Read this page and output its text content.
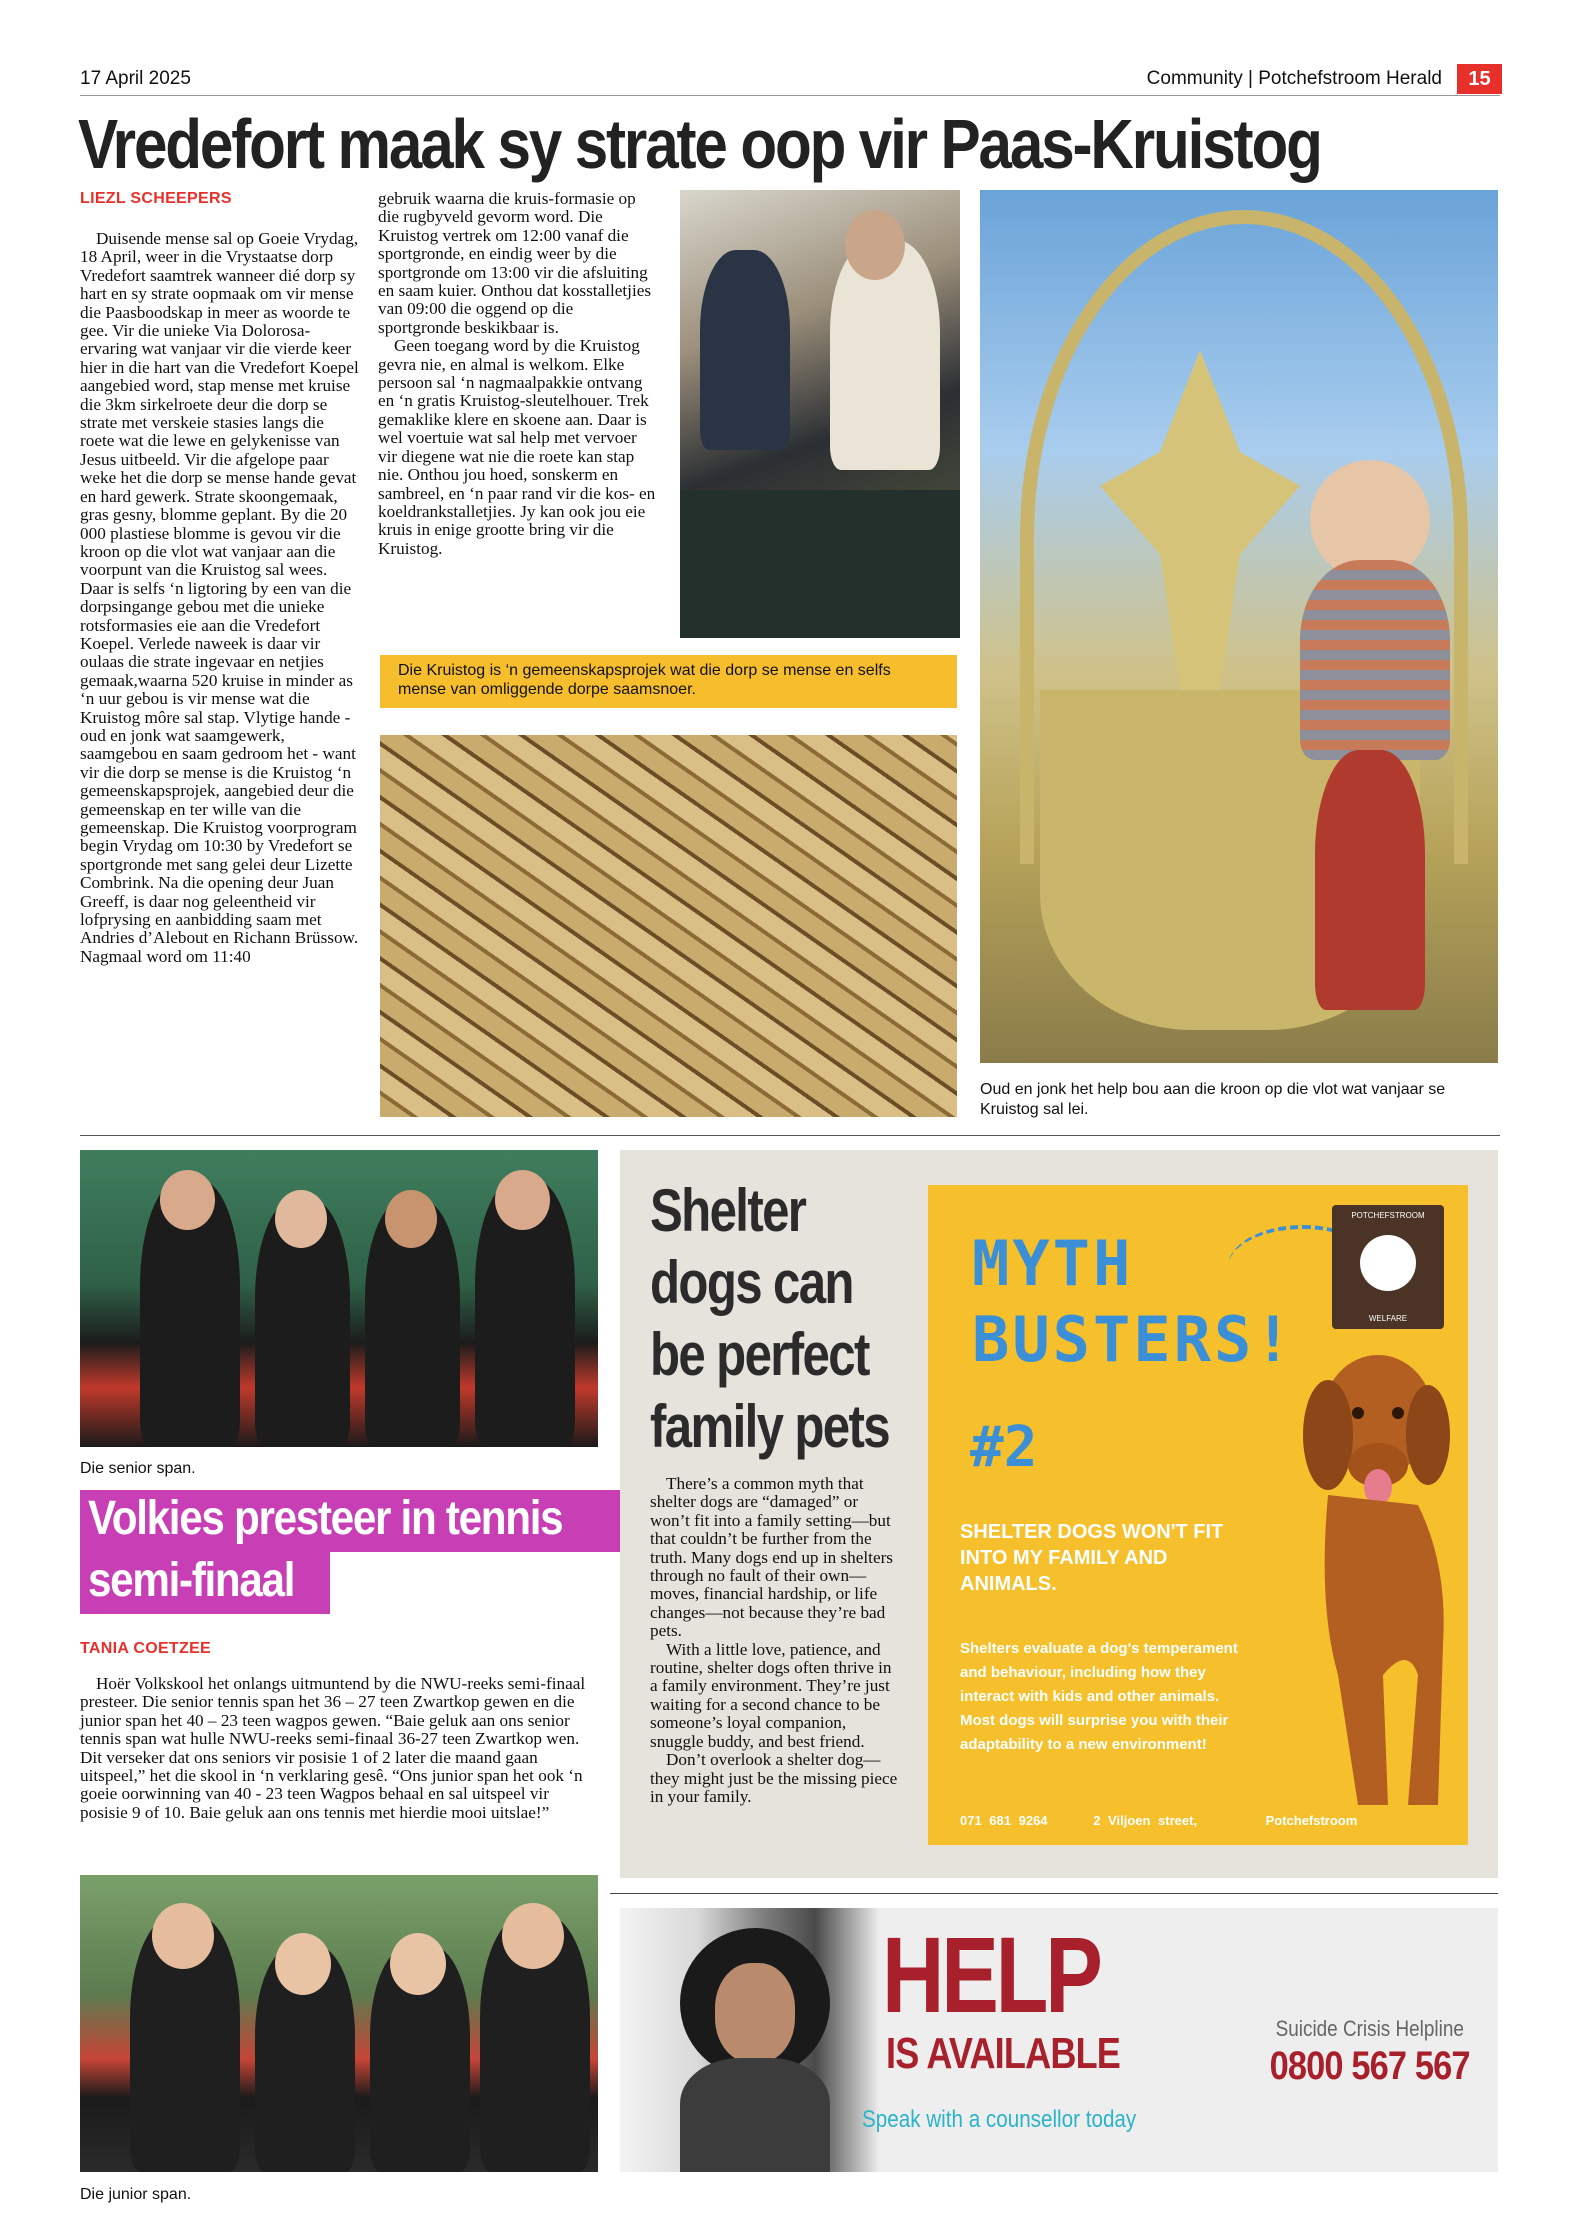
17 April 2025	Community | Potchefstroom Herald	15
Vredefort maak sy strate oop vir Paas-Kruistog
LIEZL SCHEEPERS

Duisende mense sal op Goeie Vrydag, 18 April, weer in die Vrystaatse dorp Vredefort saamtrek wanneer dié dorp sy hart en sy strate oopmaak om vir mense die Paasboodskap in meer as woorde te gee. Vir die unieke Via Dolorosa-ervaring wat vanjaar vir die vierde keer hier in die hart van die Vredefort Koepel aangebied word, stap mense met kruise die 3km sirkelroete deur die dorp se strate met verskeie stasies langs die roete wat die lewe en gelykenisse van Jesus uitbeeld. Vir die afgelope paar weke het die dorp se mense hande gevat en hard gewerk. Strate skoongemaak, gras gesny, blomme geplant. By die 20 000 plastiese blomme is gevou vir die kroon op die vlot wat vanjaar aan die voorpunt van die Kruistog sal wees. Daar is selfs ‘n ligtoring by een van die dorpsingange gebou met die unieke rotsformasies eie aan die Vredefort Koepel. Verlede naweek is daar vir oulaas die strate ingevaar en netjies gemaak,waarna 520 kruise in minder as ‘n uur gebou is vir mense wat die Kruistog môre sal stap. Vlytige hande - oud en jonk wat saamgewerk, saamgebou en saam gedroom het - want vir die dorp se mense is die Kruistog ‘n gemeenskapsprojek, aangebied deur die gemeenskap en ter wille van die gemeenskap. Die Kruistog voorprogram begin Vrydag om 10:30 by Vredefort se sportgronde met sang gelei deur Lizette Combrink. Na die opening deur Juan Greeff, is daar nog geleentheid vir lofprysing en aanbidding saam met Andries d’Alebout en Richann Brüssow. Nagmaal word om 11:40

gebruik waarna die kruis-formasie op die rugbyveld gevorm word. Die Kruistog vertrek om 12:00 vanaf die sportgronde, en eindig weer by die sportgronde om 13:00 vir die afsluiting en saam kuier. Onthou dat kosstalletjies van 09:00 die oggend op die sportgronde beskikbaar is.

Geen toegang word by die Kruistog gevra nie, en almal is welkom. Elke persoon sal ‘n nagmaalpakkie ontvang en ‘n gratis Kruistog-sleutelhouer. Trek gemaklike klere en skoene aan. Daar is wel voertuie wat sal help met vervoer vir diegene wat nie die roete kan stap nie. Onthou jou hoed, sonskerm en sambreel, en ‘n paar rand vir die kos- en koeldrankstalletjies. Jy kan ook jou eie kruis in enige grootte bring vir die Kruistog.

Die Kruistog is ‘n gemeenskapsprojek wat die dorp se mense en selfs mense van omliggende dorpe saamsnoer.
Oud en jonk het help bou aan die kroon op die vlot wat vanjaar se Kruistog sal lei.
Die senior span.
Volkies presteer in tennis
semi-finaal
TANIA COETZEE

Hoër Volkskool het onlangs uitmuntend by die NWU-reeks semi-finaal presteer. Die senior tennis span het 36 – 27 teen Zwartkop gewen en die junior span het 40 – 23 teen wagpos gewen. “Baie geluk aan ons senior tennis span wat hulle NWU-reeks semi-finaal 36-27 teen Zwartkop wen. Dit verseker dat ons seniors vir posisie 1 of 2 later die maand gaan uitspeel,” het die skool in ‘n verklaring gesê. “Ons junior span het ook ‘n goeie oorwinning van 40 - 23 teen Wagpos behaal en sal uitspeel vir posisie 9 of 10. Baie geluk aan ons tennis met hierdie mooi uitslae!”

Die junior span.
Shelter
dogs can
be perfect
family pets

There’s a common myth that shelter dogs are “damaged” or won’t fit into a family setting—but that couldn’t be further from the truth. Many dogs end up in shelters through no fault of their own—moves, financial hardship, or life changes—not because they’re bad pets.

With a little love, patience, and routine, shelter dogs often thrive in a family environment. They’re just waiting for a second chance to be someone’s loyal companion, snuggle buddy, and best friend.

Don’t overlook a shelter dog—they might just be the missing piece in your family.

MYTH
BUSTERS!
#2
SHELTER DOGS WON'T FIT INTO MY FAMILY AND ANIMALS.
Shelters evaluate a dog's temperament and behaviour, including how they interact with kids and other animals. Most dogs will surprise you with their adaptability to a new environment!
071 681 9264	2 Viljoen street,	Potchefstroom
POTCHEFSTROOM
WELFARE
HELP
IS AVAILABLE
Speak with a counsellor today
Suicide Crisis Helpline
0800 567 567
